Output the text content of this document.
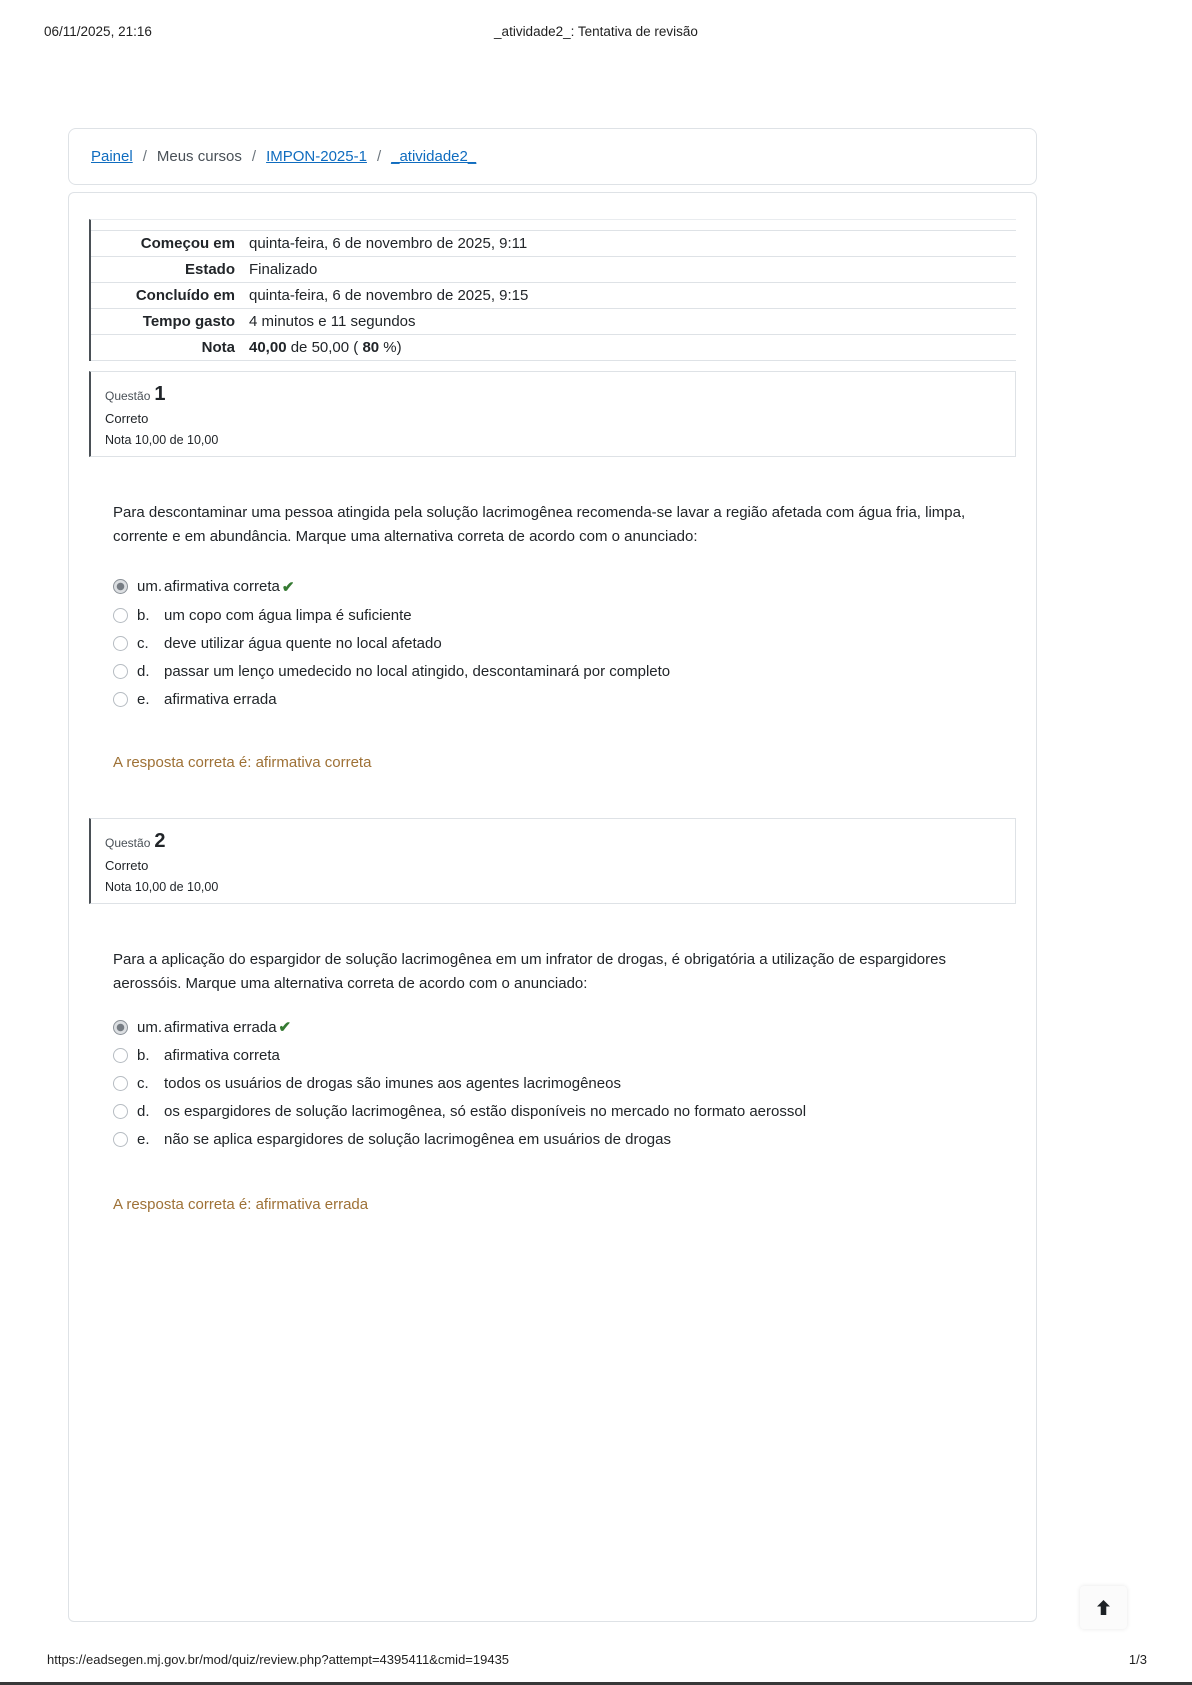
06/11/2025, 21:16	_atividade2_: Tentativa de revisão
Painel / Meus cursos / IMPON-2025-1 / _atividade2_
Começou em	quinta-feira, 6 de novembro de 2025, 9:11
Estado	Finalizado
Concluído em	quinta-feira, 6 de novembro de 2025, 9:15
Tempo gasto	4 minutos e 11 segundos
Nota	40,00 de 50,00 ( 80 %)
Questão 1
Correto
Nota 10,00 de 10,00

Para descontaminar uma pessoa atingida pela solução lacrimogênea recomenda-se lavar a região afetada com água fria, limpa, corrente e em abundância. Marque uma alternativa correta de acordo com o anunciado:

um. afirmativa correta ✔
b. um copo com água limpa é suficiente
c.	deve utilizar água quente no local afetado
d. passar um lenço umedecido no local atingido, descontaminará por completo
e. afirmativa errada

A resposta correta é: afirmativa correta

Questão 2
Correto
Nota 10,00 de 10,00

Para a aplicação do espargidor de solução lacrimogênea em um infrator de drogas, é obrigatória a utilização de espargidores aerossóis. Marque uma alternativa correta de acordo com o anunciado:

um. afirmativa errada ✔
b. afirmativa correta
c.	todos os usuários de drogas são imunes aos agentes lacrimogêneos
d. os espargidores de solução lacrimogênea, só estão disponíveis no mercado no formato aerossol
e. não se aplica espargidores de solução lacrimogênea em usuários de drogas

A resposta correta é: afirmativa errada

https://eadsegen.mj.gov.br/mod/quiz/review.php?attempt=4395411&cmid=19435	1/3
